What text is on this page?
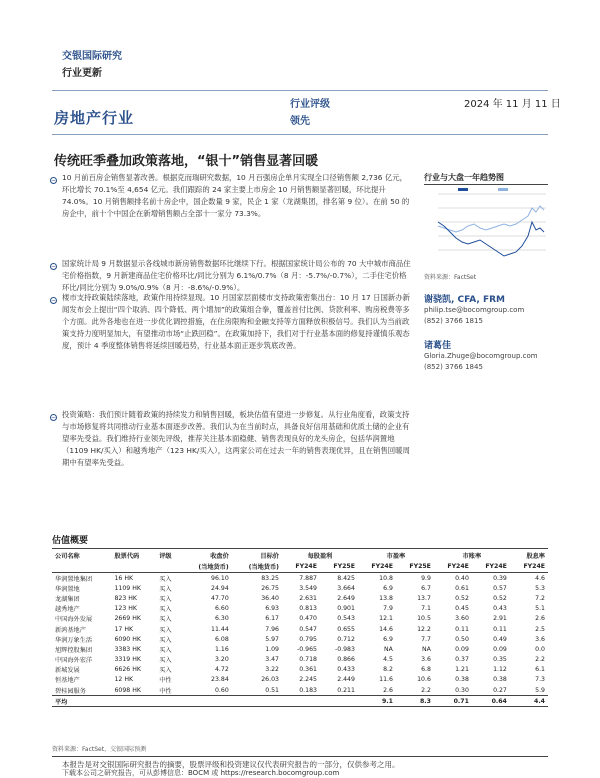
交银国际研究
行业更新
房地产行业
行业评级
领先
2024 年 11 月 11 日
传统旺季叠加政策落地，“银十”销售显著回暖
− 10 月前百房企销售显著改善。根据克而瑞研究数据，10 月百强房企单月实现全口径销售额 2,736 亿元，环比增长 70.1%至 4,654 亿元。我们跟踪的 24 家主要上市房企 10 月销售额显著回暖，环比提升 74.0%。10 月销售额排名前十房企中，国企数量 9 家，民企 1 家（龙湖集团，排名第 9 位）。在前 50 的房企中，前十个中国企在新增销售额占全部十一家分 73.3%。
− 国家统计局 9 月数据显示各线城市新房销售数据环比继续下行。根据国家统计局公布的 70 大中城市商品住宅价格指数，9 月新建商品住宅价格环比/同比分别为 6.1%/0.7%（8 月：-5.7%/-0.7%），二手住宅价格环比/同比分别为 9.0%/0.9%（8 月：-8.6%/-0.9%）。
− 楼市支持政策陆续落地，政策作用持续显现。10 月国家层面楼市支持政策密集出台：10 月 17 日国新办新闻发布会上提出“四个取消、四个降低、两个增加”的政策组合拳，覆盖首付比例、贷款利率、购房税费等多个方面。此外各地也在进一步优化调控措施，在住房限购和金融支持等方面释放积极信号。我们认为当前政策支持力度明显加大，有望推动市场“止跌回稳”。在政策加持下，我们对于行业基本面的修复持谨慎乐观态度，预计 4 季度整体销售将延续回暖趋势，行业基本面正逐步筑底改善。
− 投资策略：我们预计随着政策的持续发力和销售回暖，板块估值有望进一步修复。从行业角度看，政策支持与市场修复将共同推动行业基本面逐步改善。我们认为在当前时点，具备良好信用基础和优质土储的企业有望率先受益。我们维持行业领先评级，推荐关注基本面稳健、销售表现良好的龙头房企，包括华润置地（1109 HK/买入）和越秀地产（123 HK/买入），这两家公司在过去一年的销售表现优异，且在销售回暖周期中有望率先受益。
行业与大盘一年趋势图
资料来源：FactSet
谢骁凯, CFA, FRM
philip.tse@bocomgroup.com
(852) 3766 1815
诸葛佳
Gloria.Zhuge@bocomgroup.com
(852) 3766 1845
估值概要
公司名称	股票代码	评级	收盘价	目标价	每股盈利		市盈率		市账率		股息率
			(当地货币)	(当地货币)	FY24E	FY25E	FY24E	FY25E	FY24E	FY24E	FY24E
华润置地集团	16 HK	买入	96.10	83.25	7.887	8.425	10.8	9.9	0.40	0.39	4.6
华润置地	1109 HK	买入	24.94	26.75	3.549	3.664	6.9	6.7	0.61	0.57	5.3
龙湖集团	823 HK	买入	47.70	36.40	2.631	2.649	13.8	13.7	0.52	0.52	7.2
越秀地产	123 HK	买入	6.60	6.93	0.813	0.901	7.9	7.1	0.45	0.43	5.1
中国海外发展	2669 HK	买入	6.30	6.17	0.470	0.543	12.1	10.5	3.60	2.91	2.6
新鸿基地产	17 HK	买入	11.44	7.96	0.547	0.655	14.6	12.2	0.11	0.11	2.5
华润万象生活	6090 HK	买入	6.08	5.97	0.795	0.712	6.9	7.7	0.50	0.49	3.6
旭辉控股集团	3383 HK	买入	1.16	1.09	-0.965	-0.983	NA	NA	0.09	0.09	0.0
中国海外宏洋	3319 HK	买入	3.20	3.47	0.718	0.866	4.5	3.6	0.37	0.35	2.2
新城发展	6626 HK	买入	4.72	3.22	0.361	0.433	8.2	6.8	1.21	1.12	6.1
恒基地产	12 HK	中性	23.84	26.03	2.245	2.449	11.6	10.6	0.38	0.38	7.3
碧桂园服务	6098 HK	中性	0.60	0.51	0.183	0.211	2.6	2.2	0.30	0.27	5.9
平均							9.1	8.3	0.71	0.64	4.4
资料来源：FactSet，交银国际预测
本报告是对交银国际研究报告的摘要，股票评级和投资建议仅代表研究报告的一部分，仅供参考之用。
下载本公司之研究报告，可从彭博信息：BOCM 或 https://research.bocomgroup.com
